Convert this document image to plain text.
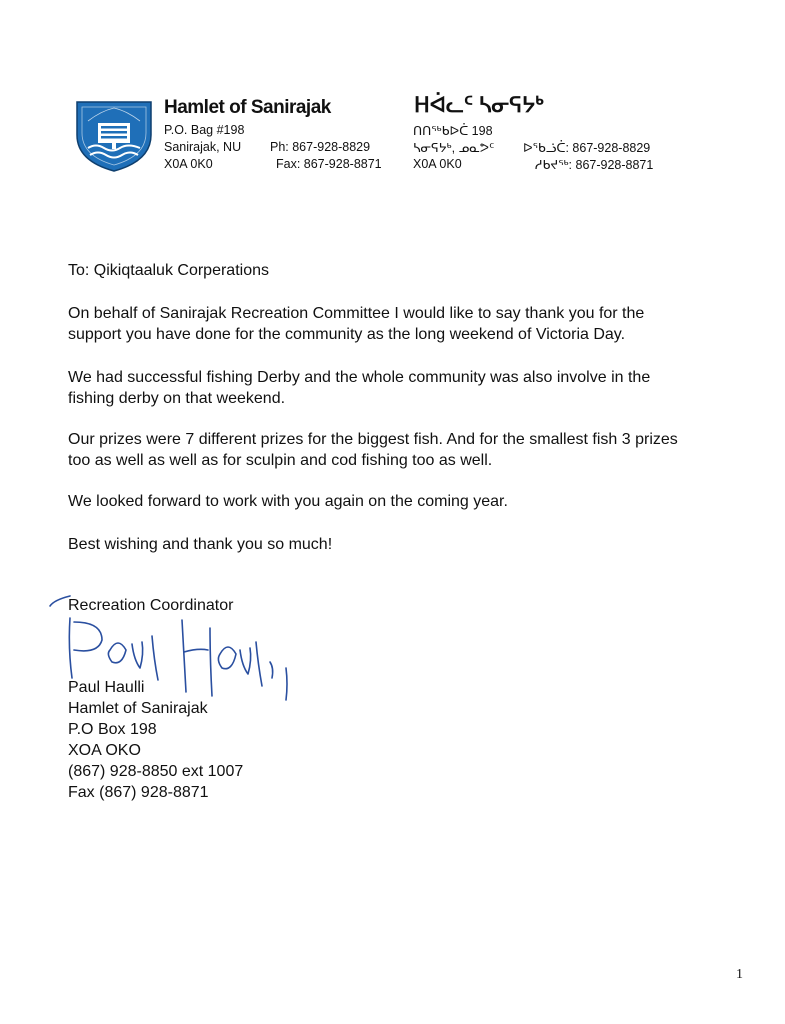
Hamlet of Sanirajak
P.O. Bag #198
Sanirajak, NU
X0A 0K0
Ph: 867-928-8829
Fax: 867-928-8871
ᕼᐋᓚᑦ ᓴᓂᕋᔭᒃ
ᑎᑎᖅᑲᐅᑖ 198
ᓴᓂᕋᔭᒃ, ᓄᓇᕗᑦ
X0A 0K0
ᐅᖃᓘᑖ: 867-928-8829
ᓱᑲᔪᖅ: 867-928-8871
To: Qikiqtaaluk Corperations
On behalf of Sanirajak Recreation Committee I would like to say thank you for the
support you have done for the community as the long weekend of Victoria Day.
We had successful fishing Derby and the whole community was also involve in the
fishing derby on that weekend.
Our prizes were 7 different prizes for the biggest fish. And for the smallest fish 3 prizes
too as well as well as for sculpin and cod fishing too as well.
We looked forward to work with you again on the coming year.
Best wishing and thank you so much!
Recreation Coordinator
Paul Haulli
Hamlet of Sanirajak
P.O Box 198
XOA OKO
(867) 928-8850 ext 1007
Fax (867) 928-8871
1
